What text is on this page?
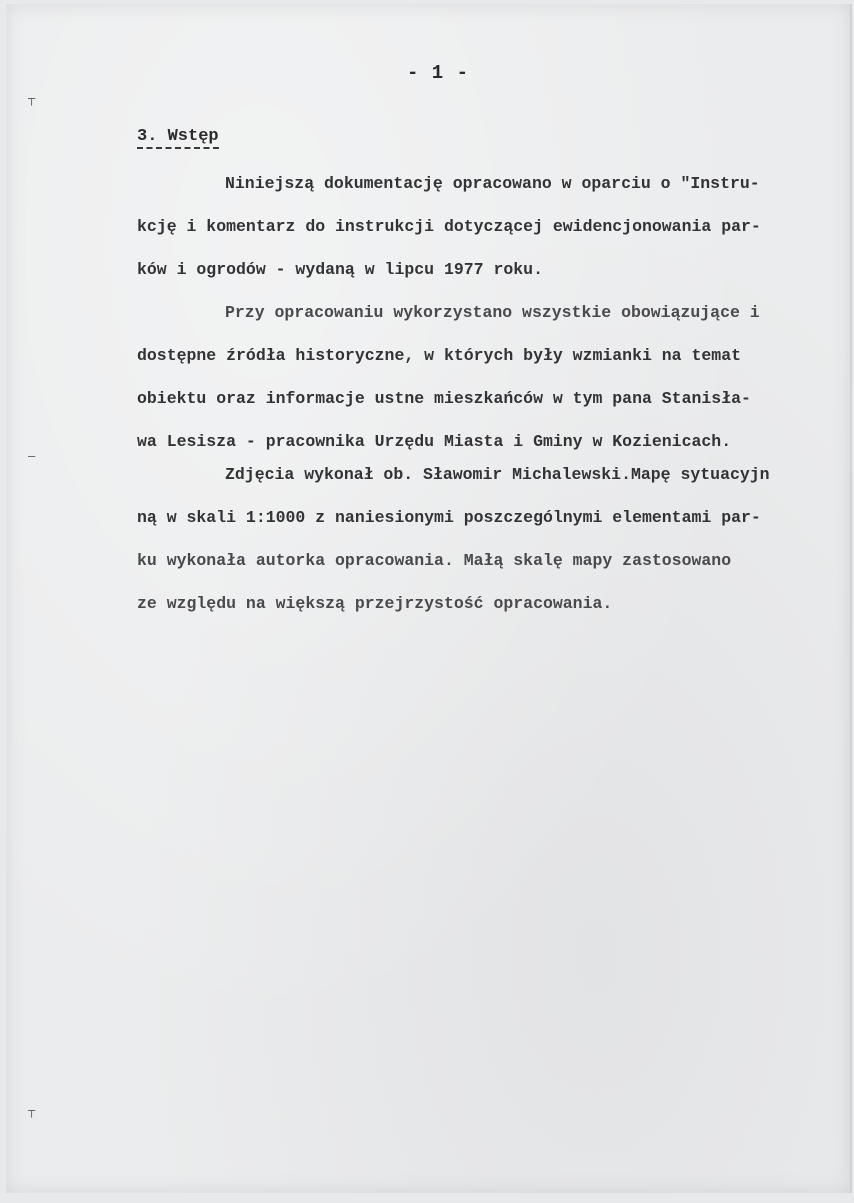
┬
─
┬
- 1 -
3. Wstęp
Niniejszą dokumentację opracowano w oparciu o "Instru-
kcję i komentarz do instrukcji dotyczącej ewidencjonowania par-
ków i ogrodów - wydaną w lipcu 1977 roku.
Przy opracowaniu wykorzystano wszystkie obowiązujące i
dostępne źródła historyczne, w których były wzmianki na temat
obiektu oraz informacje ustne mieszkańców w tym pana Stanisła-
wa Lesisza - pracownika Urzędu Miasta i Gminy w Kozienicach.
Zdjęcia wykonał ob. Sławomir Michalewski.Mapę sytuacyjn
ną w skali 1:1000 z naniesionymi poszczególnymi elementami par-
ku wykonała autorka opracowania. Małą skalę mapy zastosowano
ze względu na większą przejrzystość opracowania.
